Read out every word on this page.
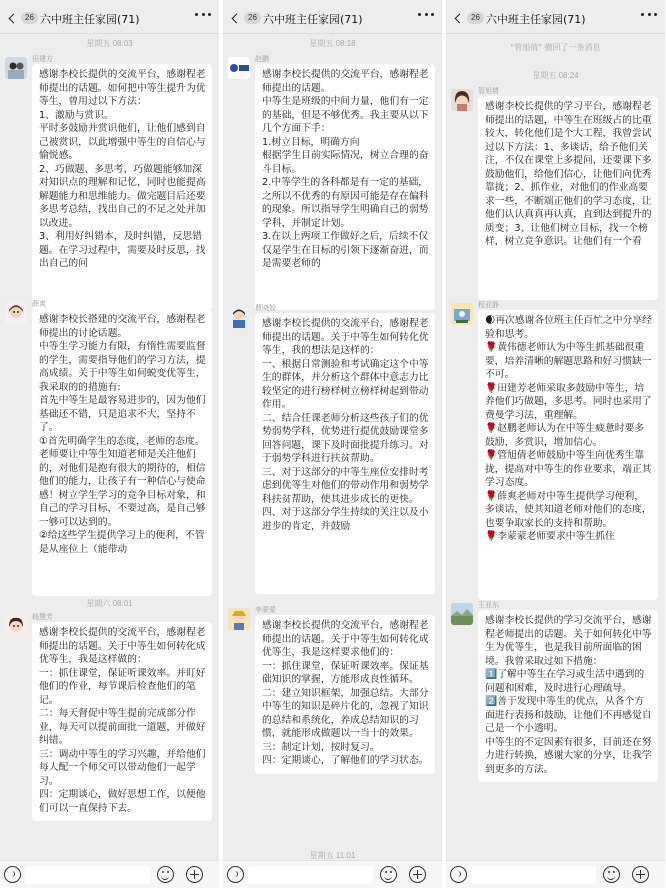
26 六中班主任家园(71)
星期五 08:03
田建方
感谢李校长提供的交流平台，感谢程老师提出的话题。如何把中等生提升为优等生，曾用过以下方法：
1、激励与赏识。
平时多鼓励并赏识他们，让他们感到自己被赏识，以此增强中等生的自信心与愉悦感。
2、巧做题、多思考，巧做题能够加深对知识点的理解和记忆，同时也能提高解题能力和思维能力。做完题目后还要多思考总结，找出自己的不足之处并加以改进。
3、利用好纠错本，及时纠错，反思错题。在学习过程中，需要及时反思，找出自己的问
薛爽
感谢李校长搭建的交流平台，感谢程老师提出的讨论话题。
中等生学习能力有限，有惰性需要监督的学生，需要指导他们的学习方法，提高成绩。关于中等生如何蜕变优等生，我采取的的措施有:
首先中等生是最容易进步的，因为他们基础还不错，只是追求不大，坚持不了。
①首先明确学生的态度，老师的态度。老师要让中等生知道老师是关注他们的，对他们是抱有很大的期待的，相信他们的能力，让孩子有一种信心与使命感！树立学生学习的竞争目标对象，和自己的学习目标，不要过高，是自己够一够可以达到的。
②给这些学生提供学习上的便利，不管是从座位上（能带动
星期六 08:01
杨慧芳
感谢李校长提供的交流平台，感谢程老师提出的话题。关于中等生如何转化成优等生，我是这样做的：
一：抓住课堂，保证听课效率。并盯好他们的作业，每节课后检查他们的笔记。
二：每天督促中等生提前完成部分作业，每天可以提前面批一道题，并做好纠错。
三：调动中等生的学习兴趣，并给他们每人配一个师父可以带动他们一起学习。
四：定期谈心，做好思想工作，以便他们可以一直保持下去。
26 六中班主任家园(71)
星期五 08:18
赵鹏
感谢李校长提供的交流平台，感谢程老师提出的话题。
中等生是班级的中间力量，他们有一定的基础，但是不够优秀。我主要从以下几个方面下手：
1.树立目标，明确方向
根据学生目前实际情况，树立合理的奋斗目标。
2.中等学生的各科都是有一定的基础，之所以不优秀的有原因可能是存在偏科的现象。所以指导学生明确自己的弱势学科，并制定计划。
3.在以上两项工作做好之后，后续不仅仅是学生在目标的引领下逐渐奋进，而是需要老师的
曹晓姣
感谢李校长提供的交流平台，感谢程老师提出的话题。关于中等生如何转化优等生，我的想法是这样的：
一、根据日常测验和考试确定这个中等生的群体，并分析这个群体中意志力比较坚定的进行榜样树立榜样树起到带动作用。
二、结合任课老师分析这些孩子们的优势弱势学科，优势进行提优鼓励课堂多回答问题，课下及时面批提升练习。对于弱势学科进行扶贫帮助。
三、对于这部分的中等生座位安排时考虑到优等生对他们的带动作用和弱势学科扶贫帮助，使其进步成长的更快。
四、对于这部分学生持续的关注以及小进步的肯定，并鼓励
李蒙蒙
感谢李校长提供的交流平台，感谢程老师提出的话题。关于中等生如何转化成优等生，我是这样要求他们的：
一：抓住课堂，保证听课效率。保证基础知识的掌握，方能形成良性循环。
二：建立知识框架，加强总结。大部分中等生的知识是碎片化的，忽视了知识的总结和系统化，养成总结知识的习惯，就能形成做题以一当十的效果。
三：制定计划，按时复习。
四：定期谈心，了解他们的学习状态。
星期五 11:01
26 六中班主任家园(71)
"管旭倩" 撤回了一条消息
星期五 08:24
管旭倩
感谢李校长提供的学习平台，感谢程老师提出的话题，中等生在班级占的比重较大，转化他们是个大工程，我曾尝试过以下方法：1、多谈话，给予他们关注，不仅在课堂上多提问，还要课下多鼓励他们，给他们信心，让他们向优秀靠拢；2、抓作业，对他们的作业高要求一些，不断端正他们的学习态度，让他们认认真真再认真，直到达到提升的质变；3、让他们树立目标，找一个榜样，树立竞争意识。让他们有一个看
程亚静
🌒再次感谢各位班主任百忙之中分享经验和思考。
🌹黄伟德老师认为中等生抓基础很重要，培养清晰的解题思路和好习惯缺一不可。
🌹田建芳老师采取多鼓励中等生，培养他们巧做题，多思考。同时也采用了费曼学习法，重理解。
🌹赵鹏老师认为在中等生疲惫时要多鼓励，多赏识，增加信心。
🌹管旭倩老师鼓励中等生向优秀生靠拢，提高对中等生的作业要求，端正其学习态度。
🌹薛爽老师对中等生提供学习便利，多谈话，使其知道老师对他们的态度，也要争取家长的支持和帮助。
🌹李蒙蒙老师要求中等生抓住
王亚东
感谢李校长提供的学习交流平台，感谢程老师提出的话题。关于如何转化中等生为优等生，也是我目前所面临的困境。我曾采取过如下措施：
1️⃣了解中等生在学习或生活中遇到的问题和困难，及时进行心理疏导。
2️⃣善于发现中等生的优点，从各个方面进行表扬和鼓励，让他们不再感觉自己是一个小透明。
中等生的不定因素有很多，目前还在努力进行转换，感谢大家的分享，让我学到更多的方法。
